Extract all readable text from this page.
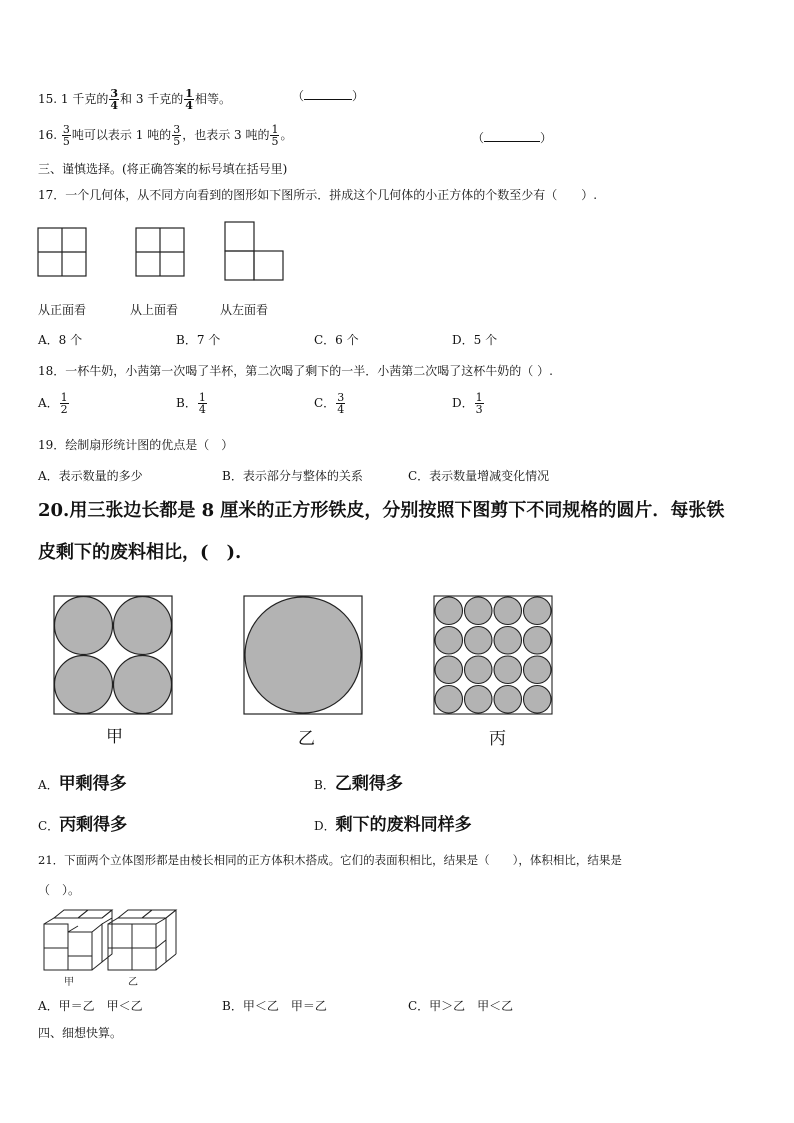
15. 1 千克的 $\frac{3}{4}$ 和 3 千克的 $\frac{1}{4}$ 相等。	（	）
16. $\frac{3}{5}$ 吨可以表示 1 吨的 $\frac{3}{5}$ ，也表示 3 吨的 $\frac{1}{5}$ 。	（	）
三、谨慎选择。(将正确答案的标号填在括号里)
17．一个几何体，从不同方向看到的图形如下图所示．拼成这个几何体的小正方体的个数至少有（　　）.
从正面看	从上面看	从左面看
A．8 个	B．7 个	C．6 个	D．5 个
18．一杯牛奶，小茜第一次喝了半杯，第二次喝了剩下的一半．小茜第二次喝了这杯牛奶的（ ）.
A． $\frac{1}{2}$	B． $\frac{1}{4}$	C． $\frac{3}{4}$	D． $\frac{1}{3}$
19．绘制扇形统计图的优点是（　）
A．表示数量的多少	B．表示部分与整体的关系	C．表示数量增减变化情况
20.用三张边长都是 8 厘米的正方形铁皮，分别按照下图剪下不同规格的圆片．每张铁
皮剩下的废料相比，(　).
甲	乙	丙
A．甲剩得多	B．乙剩得多
C．丙剩得多	D．剩下的废料同样多
21．下面两个立体图形都是由棱长相同的正方体积木搭成。它们的表面积相比，结果是（　　），体积相比，结果是
（　）。
甲	乙
A．甲＝乙　甲＜乙	B．甲＜乙　甲＝乙	C．甲＞乙　甲＜乙
四、细想快算。
